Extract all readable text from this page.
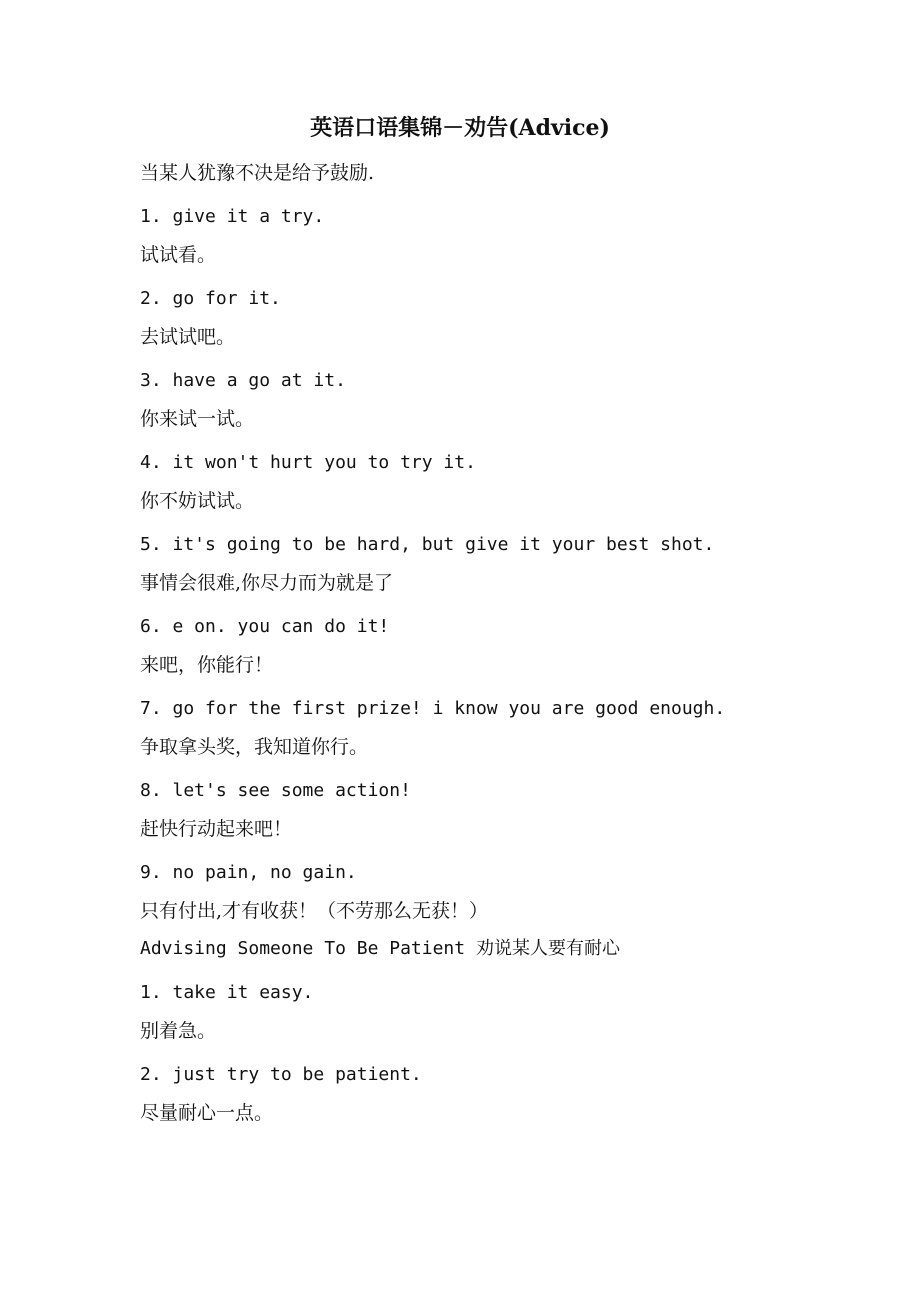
英语口语集锦－劝告(Advice)
当某人犹豫不决是给予鼓励.
1. give it a try.
试试看。
2. go for it.
去试试吧。
3. have a go at it.
你来试一试。
4. it won't hurt you to try it.
你不妨试试。
5. it's going to be hard, but give it your best shot.
事情会很难,你尽力而为就是了
6. e on. you can do it!
来吧，你能行！
7. go for the first prize! i know you are good enough.
争取拿头奖，我知道你行。
8. let's see some action!
赶快行动起来吧！
9. no pain, no gain.
只有付出,才有收获！（不劳那么无获！）
Advising Someone To Be Patient 劝说某人要有耐心
1. take it easy.
别着急。
2. just try to be patient.
尽量耐心一点。
